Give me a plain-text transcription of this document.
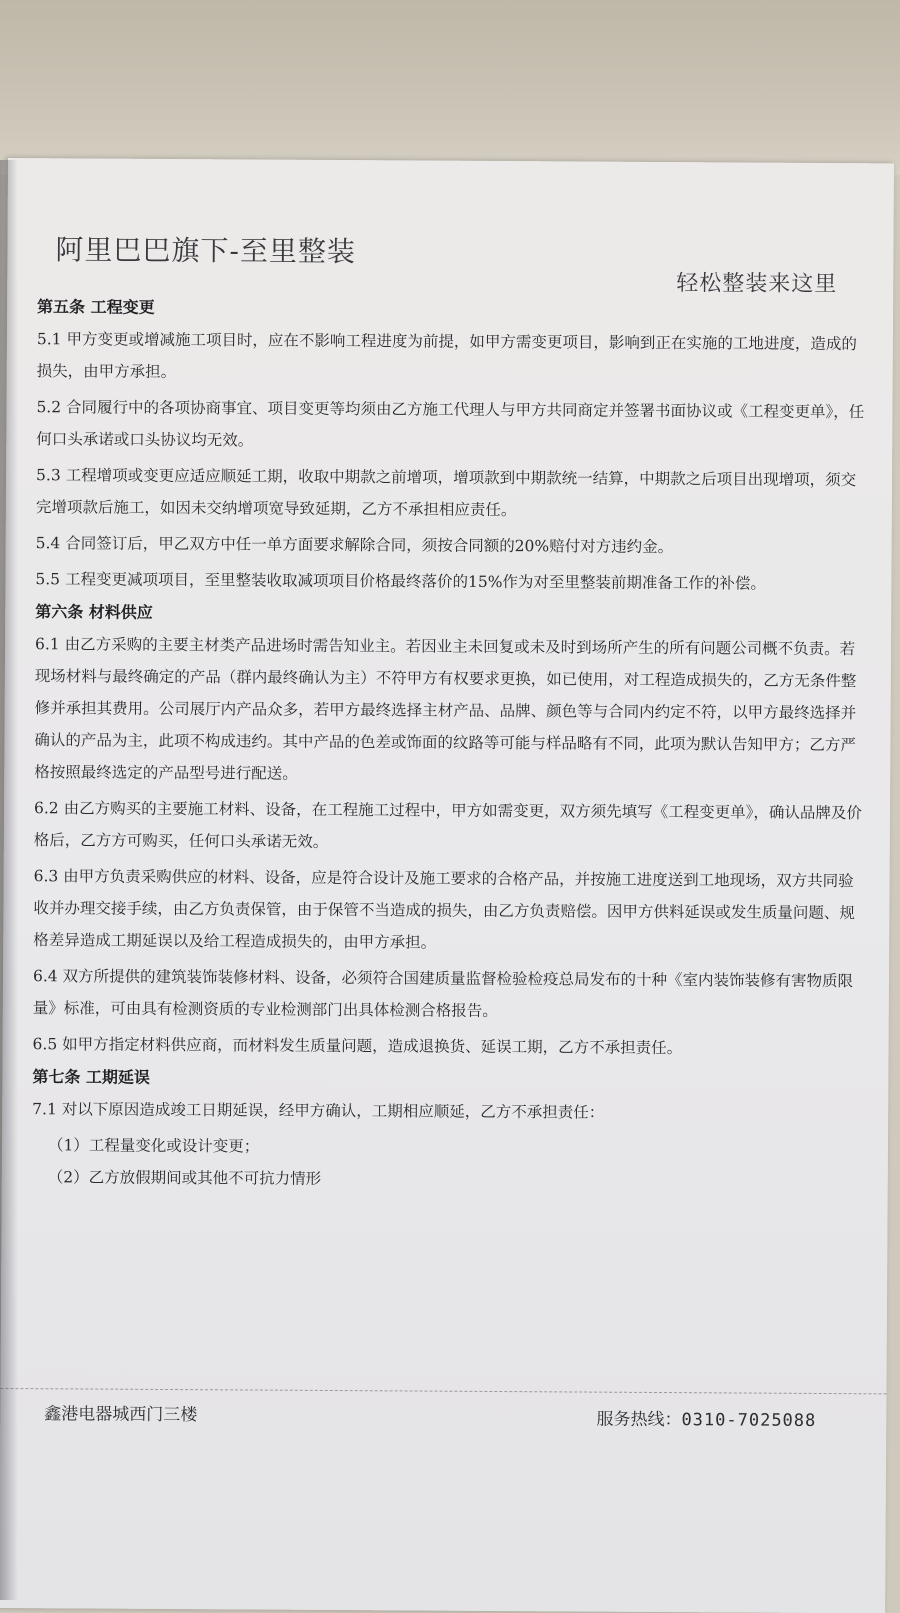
阿里巴巴旗下-至里整装
轻松整装来这里
第五条 工程变更

5.1 甲方变更或增减施工项目时，应在不影响工程进度为前提，如甲方需变更项目，影响到正在实施的工地进度，造成的损失，由甲方承担。

5.2 合同履行中的各项协商事宜、项目变更等均须由乙方施工代理人与甲方共同商定并签署书面协议或《工程变更单》，任何口头承诺或口头协议均无效。

5.3 工程增项或变更应适应顺延工期，收取中期款之前增项，增项款到中期款统一结算，中期款之后项目出现增项，须交完增项款后施工，如因未交纳增项宽导致延期，乙方不承担相应责任。

5.4 合同签订后，甲乙双方中任一单方面要求解除合同，须按合同额的20%赔付对方违约金。

5.5 工程变更减项项目，至里整装收取减项项目价格最终落价的15%作为对至里整装前期准备工作的补偿。

第六条 材料供应

6.1 由乙方采购的主要主材类产品进场时需告知业主。若因业主未回复或未及时到场所产生的所有问题公司概不负责。若现场材料与最终确定的产品（群内最终确认为主）不符甲方有权要求更换，如已使用，对工程造成损失的，乙方无条件整修并承担其费用。公司展厅内产品众多，若甲方最终选择主材产品、品牌、颜色等与合同内约定不符，以甲方最终选择并确认的产品为主，此项不构成违约。其中产品的色差或饰面的纹路等可能与样品略有不同，此项为默认告知甲方；乙方严格按照最终选定的产品型号进行配送。

6.2 由乙方购买的主要施工材料、设备，在工程施工过程中，甲方如需变更，双方须先填写《工程变更单》，确认品牌及价格后，乙方方可购买，任何口头承诺无效。

6.3 由甲方负责采购供应的材料、设备，应是符合设计及施工要求的合格产品，并按施工进度送到工地现场，双方共同验收并办理交接手续，由乙方负责保管，由于保管不当造成的损失，由乙方负责赔偿。因甲方供料延误或发生质量问题、规格差异造成工期延误以及给工程造成损失的，由甲方承担。

6.4 双方所提供的建筑装饰装修材料、设备，必须符合国建质量监督检验检疫总局发布的十种《室内装饰装修有害物质限量》标准，可由具有检测资质的专业检测部门出具体检测合格报告。

6.5 如甲方指定材料供应商，而材料发生质量问题，造成退换货、延误工期，乙方不承担责任。

第七条 工期延误

7.1 对以下原因造成竣工日期延误，经甲方确认，工期相应顺延，乙方不承担责任：

（1）工程量变化或设计变更；

（2）乙方放假期间或其他不可抗力情形

鑫港电器城西门三楼	服务热线：0310-7025088
